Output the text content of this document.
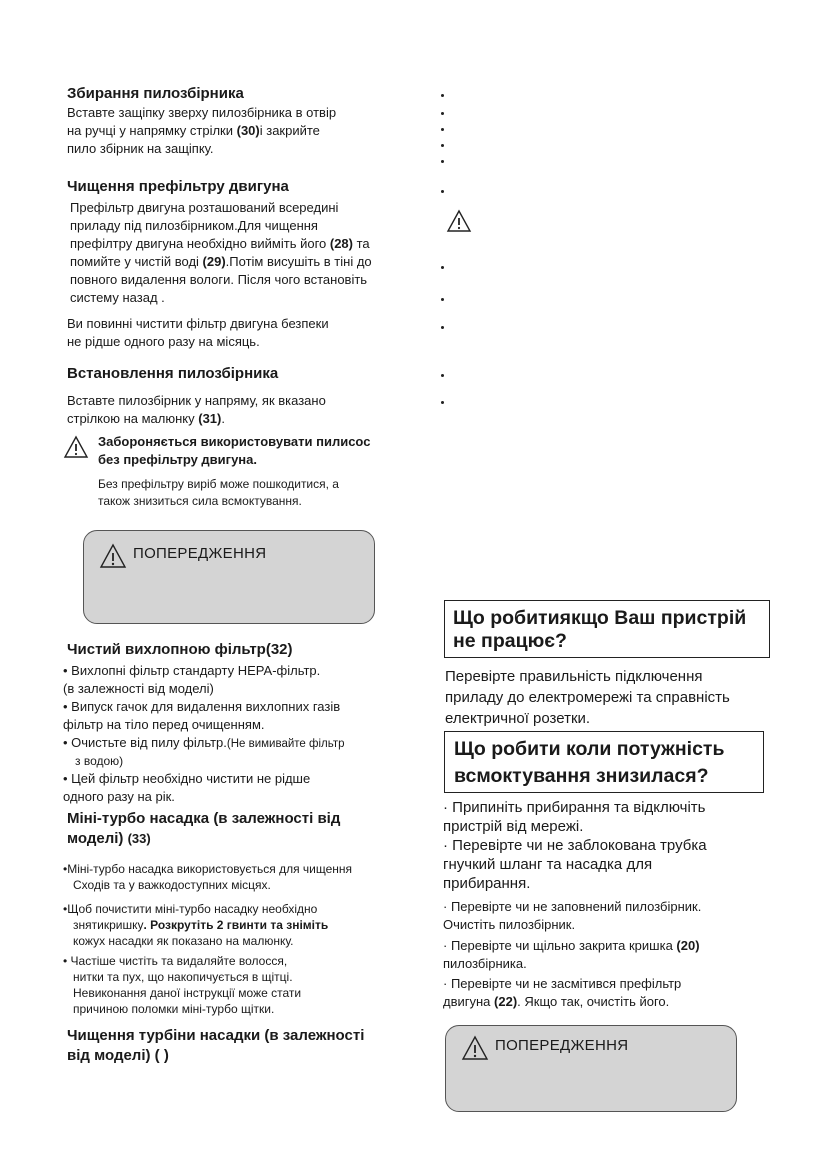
Збирання пилозбірника
Вставте защіпку зверху пилозбірника в отвір
на ручці у напрямку стрілки (30)і закрийте
пило збірник на защіпку.
Чищення префільтру двигуна
Префільтр двигуна розташований всередині
приладу під пилозбірником.Для чищення
префілтру двигуна необхідно вийміть його (28) та
помийте у чистій воді (29).Потім висушіть в тіні до
повного видалення вологи. Після чого встановіть
систему назад .
Ви повинні чистити фільтр двигуна безпеки
не рідше одного разу на місяць.
Встановлення пилозбірника
Вставте пилозбірник у напряму, як вказано
стрілкою на малюнку (31).
Забороняється використовувати пилисос
без префільтру двигуна.
Без префільтру виріб може пошкодитися, а
також знизиться сила всмоктування.
ПОПЕРЕДЖЕННЯ
Чистий вихлопною фільтр(32)
• Вихлопні фільтр стандарту НЕРА-фільтр.
(в залежності від моделі)
• Випуск гачок для видалення вихлопних газів
фільтр на тіло перед очищенням.
• Очистьте від пилу фільтр.(Не вимивайте фільтр
з водою)
• Цей фільтр необхідно чистити не рідше
одного разу на рік.
Міні-турбо насадка (в залежності від
моделі) (33)
•Міні-турбо насадка використовується для чищення
Сходів та у важкодоступних місцях.
•Щоб почистити міні-турбо насадку необхідно
знятикришку. Розкрутіть 2 гвинти та зніміть
кожух насадки як показано на малюнку.
• Частіше чистіть та видаляйте волосся,
нитки та пух, що накопичується в щітці.
Невиконання даної інструкції може стати
причиною поломки міні-турбо щітки.
Чищення турбіни насадки (в залежності
від моделі) ( )
Що робитиякщо Ваш пристрій
не працює?
Перевірте правильність підключення
приладу до електромережі та справність
електричної розетки.
Що робити коли потужність
всмоктування знизилася?
· Припиніть прибирання та відключіть
пристрій від мережі.
· Перевірте чи не заблокована трубка
гнучкий шланг та насадка для
прибирання.
· Перевірте чи не заповнений пилозбірник.
Очистіть пилозбірник.
· Перевірте чи щільно закрита кришка (20)
пилозбірника.
· Перевірте чи не засмітився префільтр
двигуна (22). Якщо так, очистіть його.
ПОПЕРЕДЖЕННЯ
